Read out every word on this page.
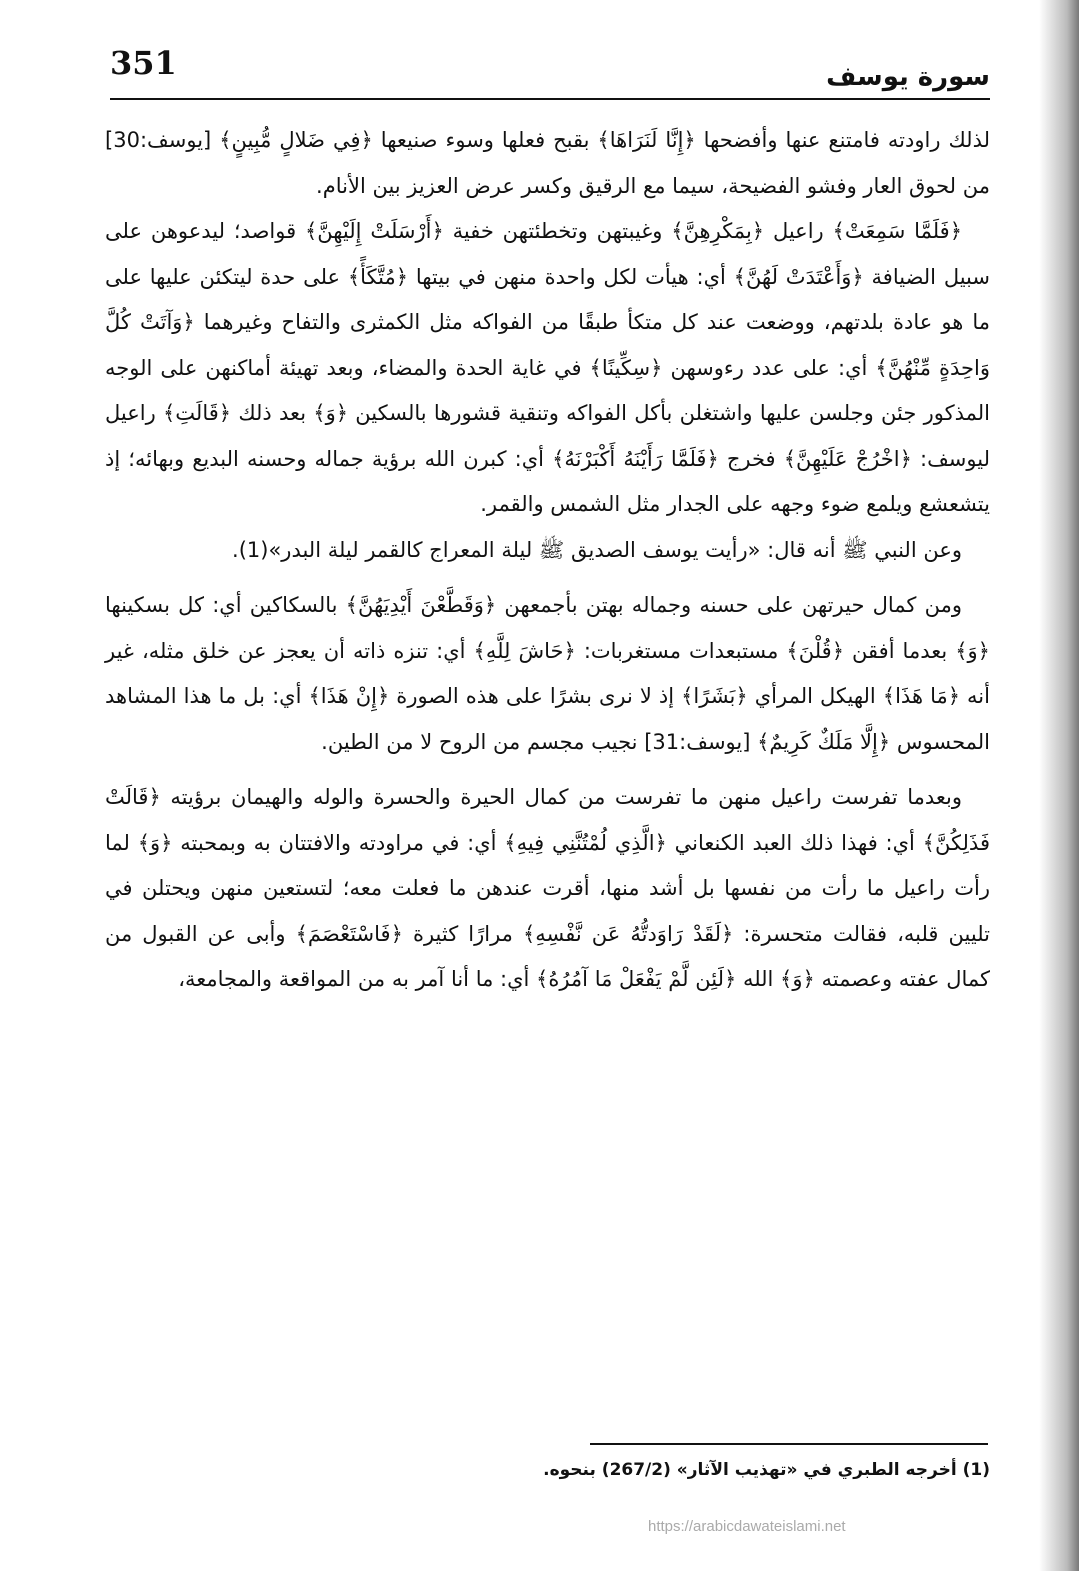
351	سورة يوسف

لذلك راودته فامتنع عنها وأفضحها ﴿إِنَّا لَنَرَاهَا﴾ بقبح فعلها وسوء صنيعها ﴿فِي ضَلالٍ مُّبِينٍ﴾ [يوسف:30] من لحوق العار وفشو الفضيحة، سيما مع الرقيق وكسر عرض العزيز بين الأنام.

﴿فَلَمَّا سَمِعَتْ﴾ راعيل ﴿بِمَكْرِهِنَّ﴾ وغيبتهن وتخطئتهن خفية ﴿أَرْسَلَتْ إِلَيْهِنَّ﴾ قواصد؛ ليدعوهن على سبيل الضيافة ﴿وَأَعْتَدَتْ لَهُنَّ﴾ أي: هيأت لكل واحدة منهن في بيتها ﴿مُتَّكَأً﴾ على حدة ليتكئن عليها على ما هو عادة بلدتهم، ووضعت عند كل متكأ طبقًا من الفواكه مثل الكمثرى والتفاح وغيرهما ﴿وَآتَتْ كُلَّ وَاحِدَةٍ مِّنْهُنَّ﴾ أي: على عدد رءوسهن ﴿سِكِّينًا﴾ في غاية الحدة والمضاء، وبعد تهيئة أماكنهن على الوجه المذكور جئن وجلسن عليها واشتغلن بأكل الفواكه وتنقية قشورها بالسكين ﴿وَ﴾ بعد ذلك ﴿قَالَتِ﴾ راعيل ليوسف: ﴿اخْرُجْ عَلَيْهِنَّ﴾ فخرج ﴿فَلَمَّا رَأَيْنَهُ أَكْبَرْنَهُ﴾ أي: كبرن الله برؤية جماله وحسنه البديع وبهائه؛ إذ يتشعشع ويلمع ضوء وجهه على الجدار مثل الشمس والقمر.

وعن النبي ﷺ أنه قال: «رأيت يوسف الصديق ﷺ ليلة المعراج كالقمر ليلة البدر»(1).

ومن كمال حيرتهن على حسنه وجماله بهتن بأجمعهن ﴿وَقَطَّعْنَ أَيْدِيَهُنَّ﴾ بالسكاكين أي: كل بسكينها ﴿وَ﴾ بعدما أفقن ﴿قُلْنَ﴾ مستبعدات مستغربات: ﴿حَاشَ لِلَّهِ﴾ أي: تنزه ذاته أن يعجز عن خلق مثله، غير أنه ﴿مَا هَذَا﴾ الهيكل المرأي ﴿بَشَرًا﴾ إذ لا نرى بشرًا على هذه الصورة ﴿إِنْ هَذَا﴾ أي: بل ما هذا المشاهد المحسوس ﴿إِلَّا مَلَكٌ كَرِيمٌ﴾ [يوسف:31] نجيب مجسم من الروح لا من الطين.

وبعدما تفرست راعيل منهن ما تفرست من كمال الحيرة والحسرة والوله والهيمان برؤيته ﴿قَالَتْ فَذَلِكُنَّ﴾ أي: فهذا ذلك العبد الكنعاني ﴿الَّذِي لُمْتُنَّنِي فِيهِ﴾ أي: في مراودته والافتتان به وبمحبته ﴿وَ﴾ لما رأت راعيل ما رأت من نفسها بل أشد منها، أقرت عندهن ما فعلت معه؛ لتستعين منهن ويحتلن في تليين قلبه، فقالت متحسرة: ﴿لَقَدْ رَاوَدتُّهُ عَن نَّفْسِهِ﴾ مرارًا كثيرة ﴿فَاسْتَعْصَمَ﴾ وأبى عن القبول من كمال عفته وعصمته ﴿وَ﴾ الله ﴿لَئِن لَّمْ يَفْعَلْ مَا آمُرُهُ﴾ أي: ما أنا آمر به من المواقعة والمجامعة،

(1) أخرجه الطبري في «تهذيب الآثار» (267/2) بنحوه.
https://arabicdawateislami.net
